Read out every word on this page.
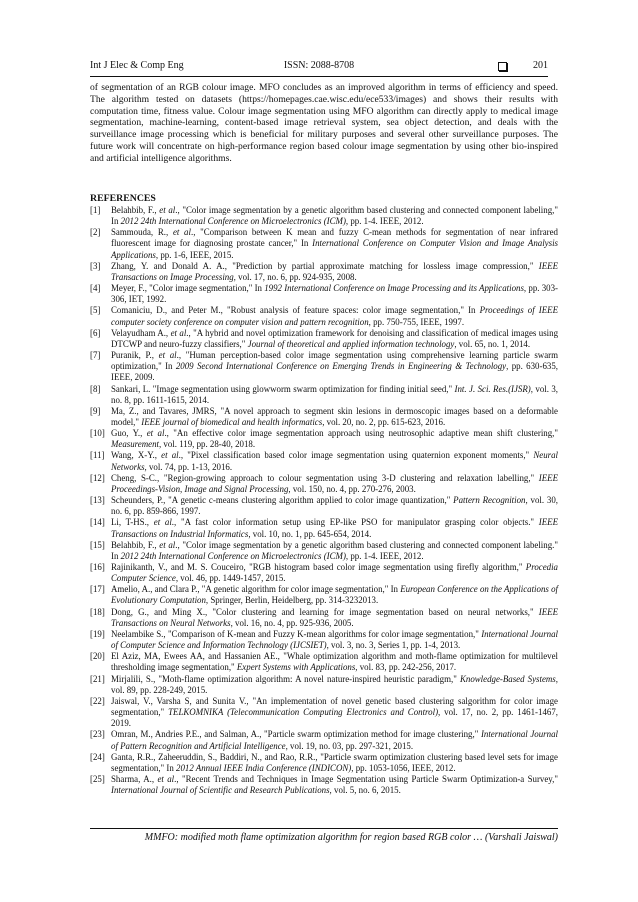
Int J Elec & Comp Eng	ISSN: 2088-8708	201

of segmentation of an RGB colour image. MFO concludes as an improved algorithm in terms of efficiency and speed. The algorithm tested on datasets (https://homepages.cae.wisc.edu/ece533/images) and shows their results with computation time, fitness value. Colour image segmentation using MFO algorithm can directly apply to medical image segmentation, machine-learning, content-based image retrieval system, sea object detection, and deals with the surveillance image processing which is beneficial for military purposes and several other surveillance purposes. The future work will concentrate on high-performance region based colour image segmentation by using other bio-inspired and artificial intelligence algorithms.

REFERENCES
[1] Belahbib, F., et al., "Color image segmentation by a genetic algorithm based clustering and connected component labeling," In 2012 24th International Conference on Microelectronics (ICM), pp. 1-4. IEEE, 2012.
[2] Sammouda, R., et al., "Comparison between K mean and fuzzy C-mean methods for segmentation of near infrared fluorescent image for diagnosing prostate cancer," In International Conference on Computer Vision and Image Analysis Applications, pp. 1-6, IEEE, 2015.
[3] Zhang, Y. and Donald A. A., "Prediction by partial approximate matching for lossless image compression," IEEE Transactions on Image Processing, vol. 17, no. 6, pp. 924-935, 2008.
[4] Meyer, F., "Color image segmentation," In 1992 International Conference on Image Processing and its Applications, pp. 303-306, IET, 1992.
[5] Comaniciu, D., and Peter M., "Robust analysis of feature spaces: color image segmentation," In Proceedings of IEEE computer society conference on computer vision and pattern recognition, pp. 750-755, IEEE, 1997.
[6] Velayudham A., et al., "A hybrid and novel optimization framework for denoising and classification of medical images using DTCWP and neuro-fuzzy classifiers," Journal of theoretical and applied information technology, vol. 65, no. 1, 2014.
[7] Puranik, P., et al., "Human perception-based color image segmentation using comprehensive learning particle swarm optimization," In 2009 Second International Conference on Emerging Trends in Engineering & Technology, pp. 630-635, IEEE, 2009.
[8] Sankari, L. "Image segmentation using glowworm swarm optimization for finding initial seed," Int. J. Sci. Res.(IJSR), vol. 3, no. 8, pp. 1611-1615, 2014.
[9] Ma, Z., and Tavares, JMRS, "A novel approach to segment skin lesions in dermoscopic images based on a deformable model," IEEE journal of biomedical and health informatics, vol. 20, no. 2, pp. 615-623, 2016.
[10] Guo, Y., et al., "An effective color image segmentation approach using neutrosophic adaptive mean shift clustering," Measurement, vol. 119, pp. 28-40, 2018.
[11] Wang, X-Y., et al., "Pixel classification based color image segmentation using quaternion exponent moments," Neural Networks, vol. 74, pp. 1-13, 2016.
[12] Cheng, S-C., "Region-growing approach to colour segmentation using 3-D clustering and relaxation labelling," IEEE Proceedings-Vision, Image and Signal Processing, vol. 150, no. 4, pp. 270-276, 2003.
[13] Scheunders, P., "A genetic c-means clustering algorithm applied to color image quantization," Pattern Recognition, vol. 30, no. 6, pp. 859-866, 1997.
[14] Li, T-HS., et al., "A fast color information setup using EP-like PSO for manipulator grasping color objects." IEEE Transactions on Industrial Informatics, vol. 10, no. 1, pp. 645-654, 2014.
[15] Belahbib, F., et al., "Color image segmentation by a genetic algorithm based clustering and connected component labeling." In 2012 24th International Conference on Microelectronics (ICM), pp. 1-4. IEEE, 2012.
[16] Rajinikanth, V., and M. S. Couceiro, "RGB histogram based color image segmentation using firefly algorithm," Procedia Computer Science, vol. 46, pp. 1449-1457, 2015.
[17] Amelio, A., and Clara P., "A genetic algorithm for color image segmentation," In European Conference on the Applications of Evolutionary Computation, Springer, Berlin, Heidelberg, pp. 314-3232013.
[18] Dong, G., and Ming X., "Color clustering and learning for image segmentation based on neural networks," IEEE Transactions on Neural Networks, vol. 16, no. 4, pp. 925-936, 2005.
[19] Neelambike S., "Comparison of K-mean and Fuzzy K-mean algorithms for color image segmentation," International Journal of Computer Science and Information Technology (IJCSIET), vol. 3, no. 3, Series 1, pp. 1-4, 2013.
[20] El Aziz, MA, Ewees AA, and Hassanien AE., "Whale optimization algorithm and moth-flame optimization for multilevel thresholding image segmentation," Expert Systems with Applications, vol. 83, pp. 242-256, 2017.
[21] Mirjalili, S., "Moth-flame optimization algorithm: A novel nature-inspired heuristic paradigm," Knowledge-Based Systems, vol. 89, pp. 228-249, 2015.
[22] Jaiswal, V., Varsha S, and Sunita V., "An implementation of novel genetic based clustering salgorithm for color image segmentation," TELKOMNIKA (Telecommunication Computing Electronics and Control), vol. 17, no. 2, pp. 1461-1467, 2019.
[23] Omran, M., Andries P.E., and Salman, A., "Particle swarm optimization method for image clustering," International Journal of Pattern Recognition and Artificial Intelligence, vol. 19, no. 03, pp. 297-321, 2015.
[24] Ganta, R.R., Zaheeruddin, S., Baddiri, N., and Rao, R.R., "Particle swarm optimization clustering based level sets for image segmentation," In 2012 Annual IEEE India Conference (INDICON), pp. 1053-1056, IEEE, 2012.
[25] Sharma, A., et al., "Recent Trends and Techniques in Image Segmentation using Particle Swarm Optimization-a Survey," International Journal of Scientific and Research Publications, vol. 5, no. 6, 2015.
MMFO: modified moth flame optimization algorithm for region based RGB color … (Varshali Jaiswal)
